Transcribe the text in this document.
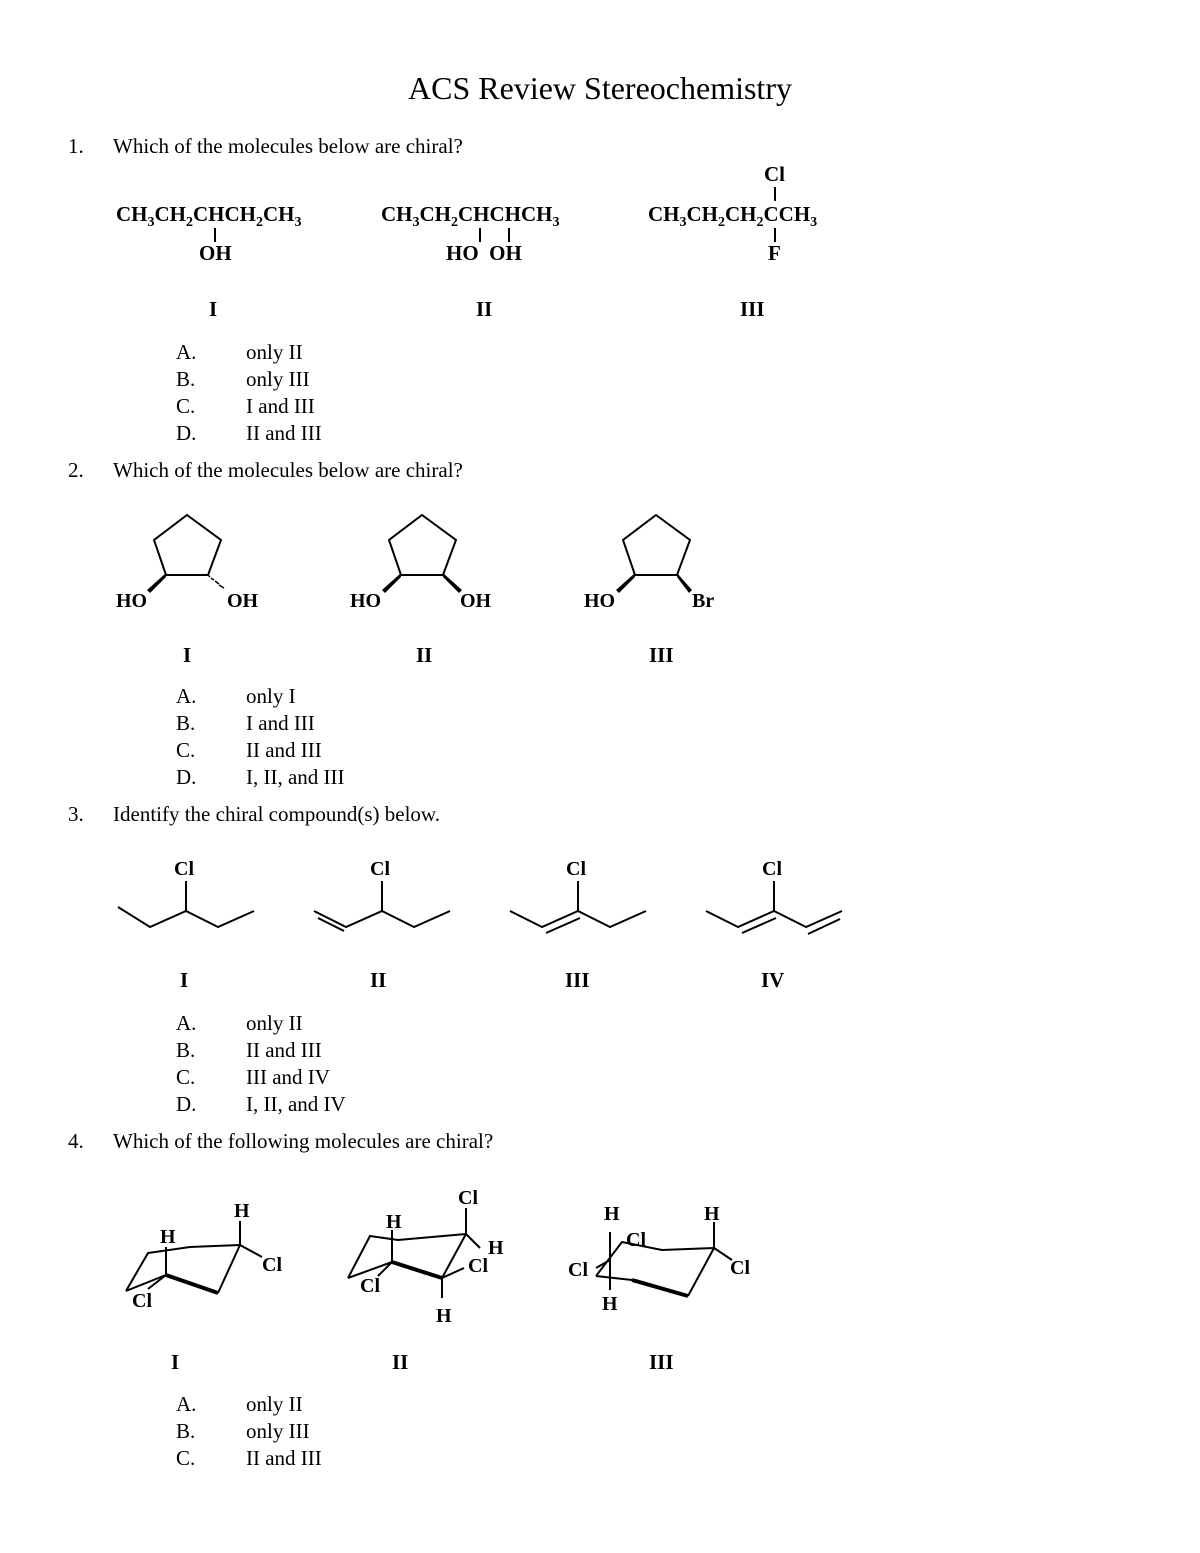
ACS Review Stereochemistry
1. Which of the molecules below are chiral?
$CH_3CH_2CHCH_2CH_3$
OH
I
$CH_3CH_2CHCHCH_3$
HO  OH
II
Cl
$CH_3CH_2CH_2CCH_3$
F
III
A.	only II
B.	only III
C.	I and III
D.	II and III
2. Which of the molecules below are chiral?
HO	OH
I
HO	OH
II
HO	Br
III
A.	only I
B.	I and III
C.	II and III
D.	I, II, and III
3. Identify the chiral compound(s) below.
Cl
I
Cl
II
Cl
III
Cl
IV
A.	only II
B.	II and III
C.	III and IV
D.	I, II, and IV
4. Which of the following molecules are chiral?
H
H
Cl
Cl
I
Cl
H
H
Cl
Cl
H
II
H
Cl
H
Cl
H
Cl
III
A.	only II
B.	only III
C.	II and III
